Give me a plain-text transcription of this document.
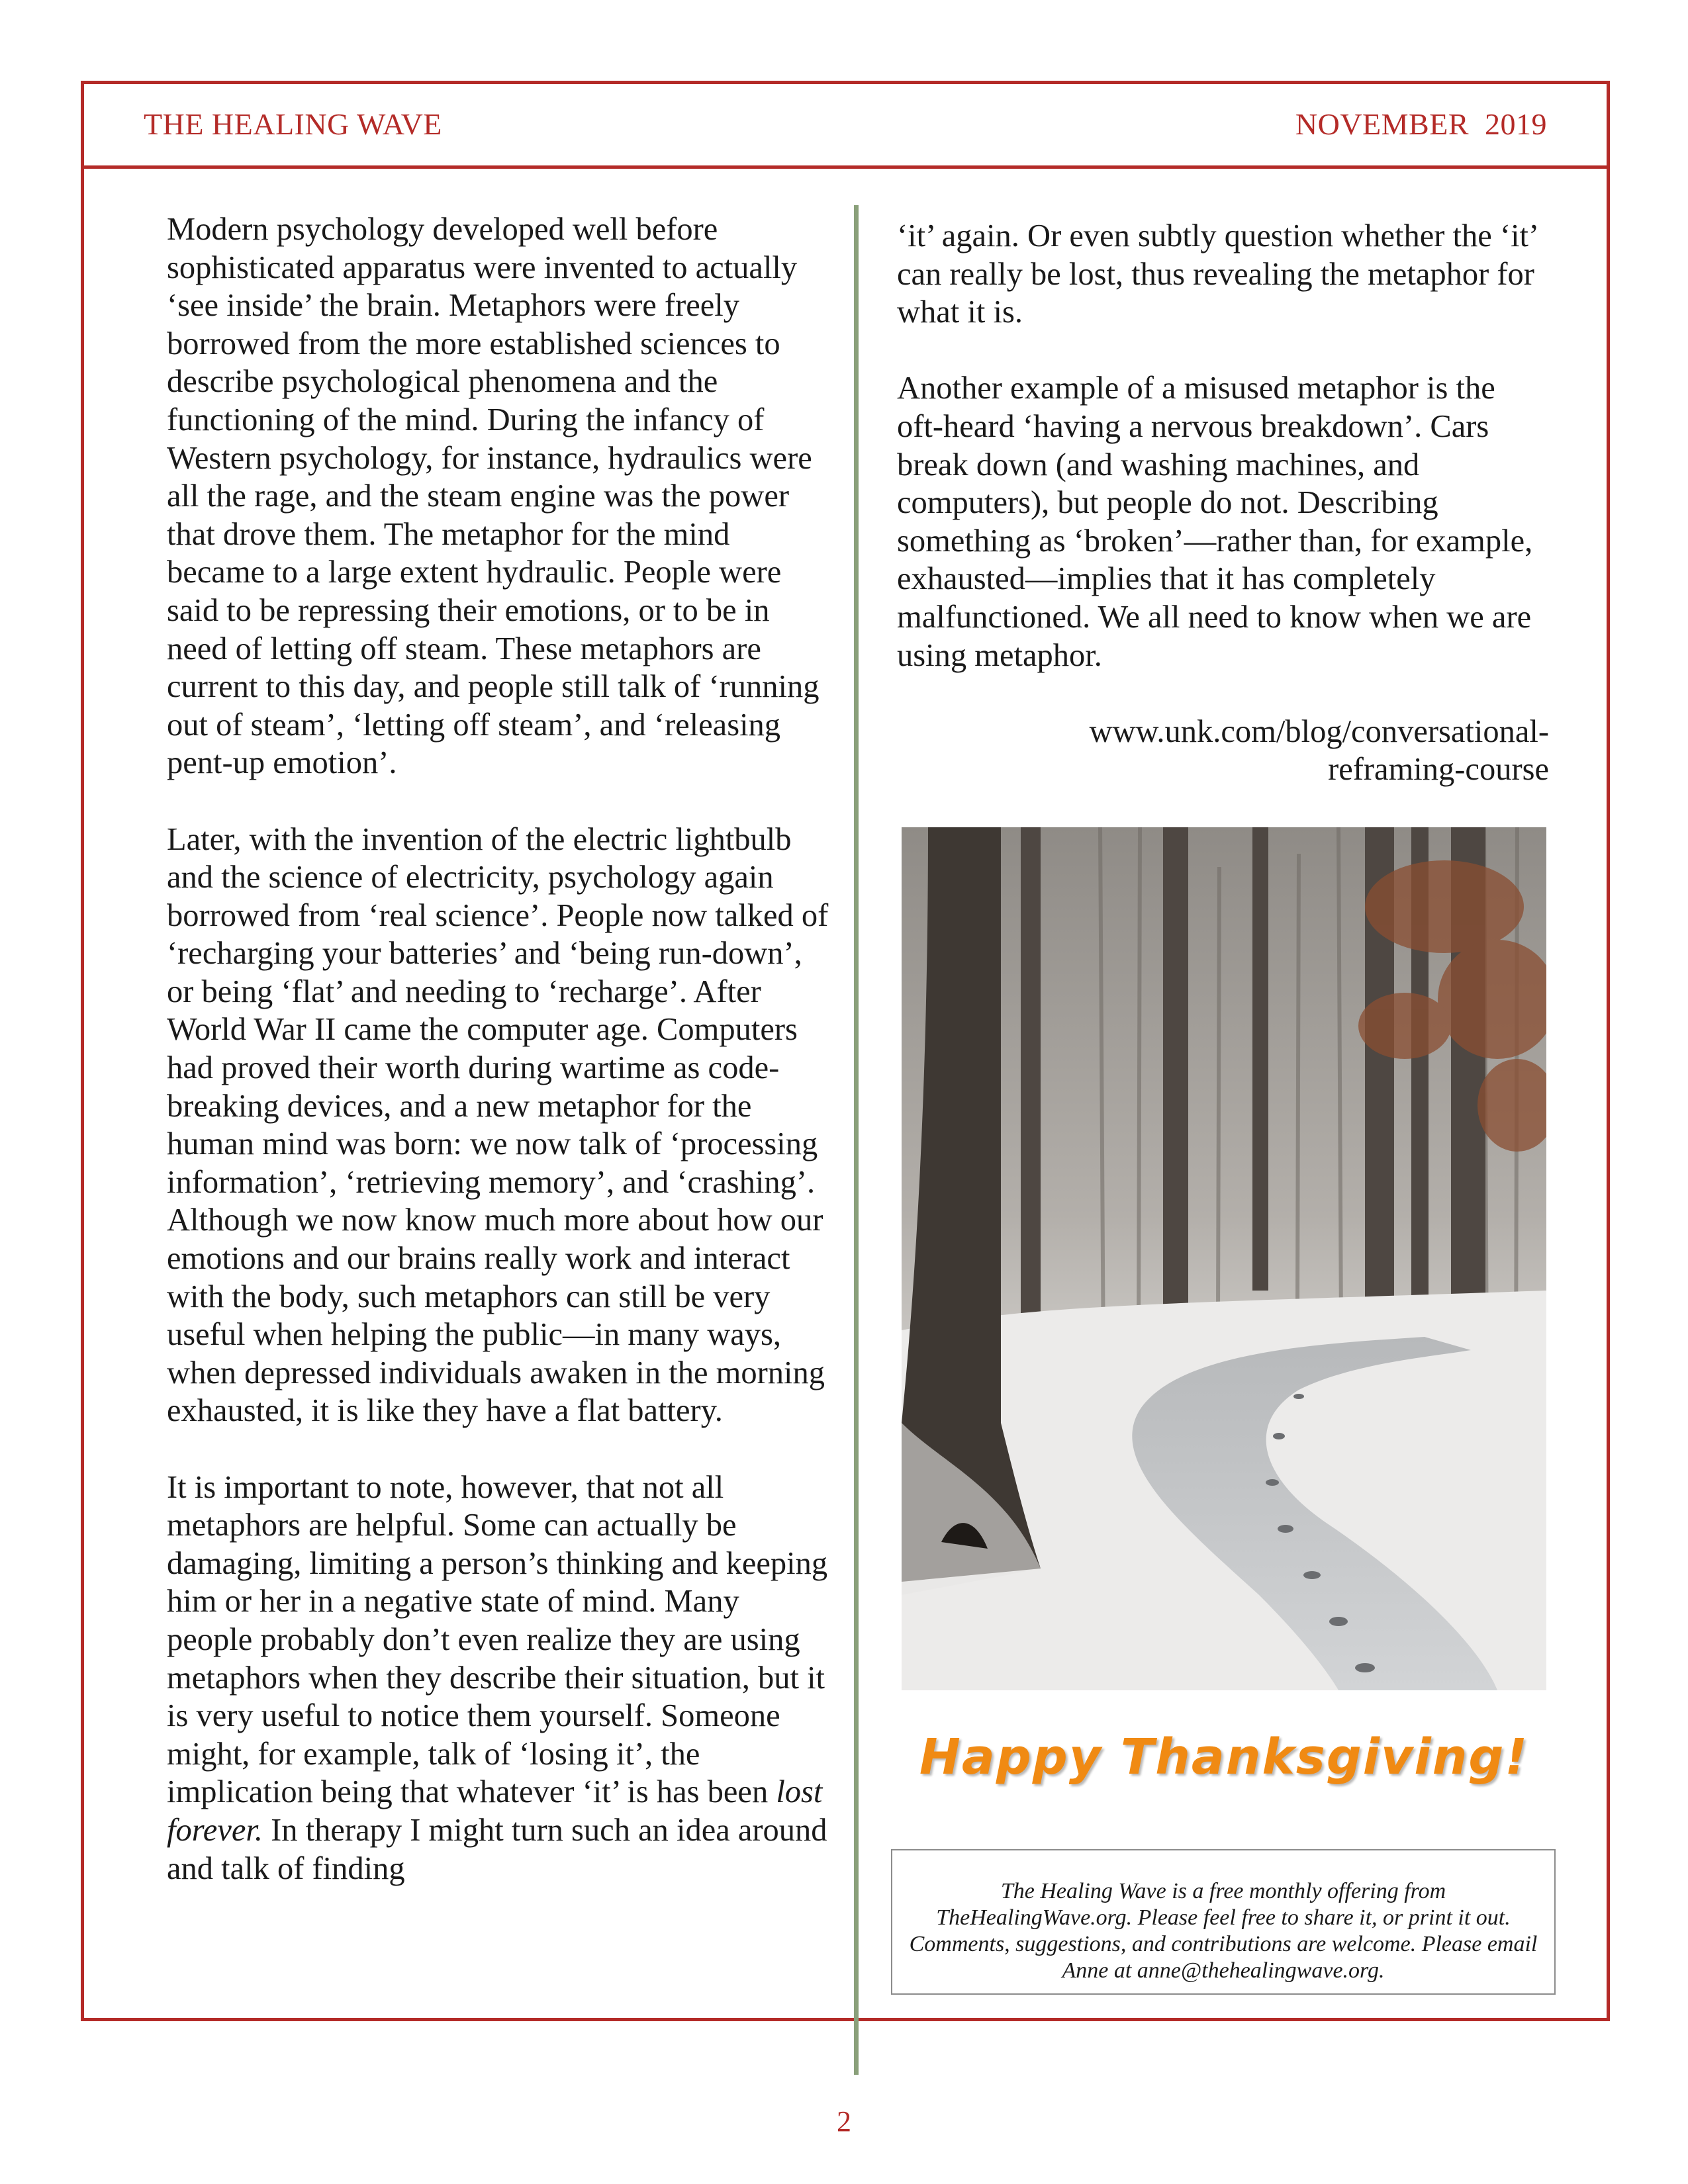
THE HEALING WAVE	NOVEMBER  2019

Modern psychology developed well before sophisticated apparatus were invented to actually ‘see inside’ the brain. Metaphors were freely borrowed from the more established sciences to describe psychological phenomena and the functioning of the mind. During the infancy of Western psychology, for instance, hydraulics were all the rage, and the steam engine was the power that drove them. The metaphor for the mind became to a large extent hydraulic. People were said to be repressing their emotions, or to be in need of letting off steam. These metaphors are current to this day, and people still talk of ‘running out of steam’, ‘letting off steam’, and ‘releasing pent-up emotion’.

Later, with the invention of the electric lightbulb and the science of electricity, psychology again borrowed from ‘real science’. People now talked of ‘recharging your batteries’ and ‘being run-down’, or being ‘flat’ and needing to ‘recharge’. After World War II came the computer age. Computers had proved their worth during wartime as code-breaking devices, and a new metaphor for the human mind was born: we now talk of ‘processing information’, ‘retrieving memory’, and ‘crashing’. Although we now know much more about how our emotions and our brains really work and interact with the body, such metaphors can still be very useful when helping the public—in many ways, when depressed individuals awaken in the morning exhausted, it is like they have a flat battery.

It is important to note, however, that not all metaphors are helpful. Some can actually be damaging, limiting a person’s thinking and keeping him or her in a negative state of mind. Many people probably don’t even realize they are using metaphors when they describe their situation, but it is very useful to notice them yourself. Someone might, for example, talk of ‘losing it’, the implication being that whatever ‘it’ is has been lost forever. In therapy I might turn such an idea around and talk of finding

‘it’ again. Or even subtly question whether the ‘it’ can really be lost, thus revealing the metaphor for what it is.

Another example of a misused metaphor is the oft-heard ‘having a nervous breakdown’. Cars break down (and washing machines, and computers), but people do not. Describing something as ‘broken’—rather than, for example, exhausted—implies that it has completely malfunctioned. We all need to know when we are using metaphor.

www.unk.com/blog/conversational-
reframing-course
Happy Thanksgiving!
The Healing Wave is a free monthly offering from TheHealingWave.org. Please feel free to share it, or print it out. Comments, suggestions, and contributions are welcome. Please email Anne at anne@thehealingwave.org.
2
